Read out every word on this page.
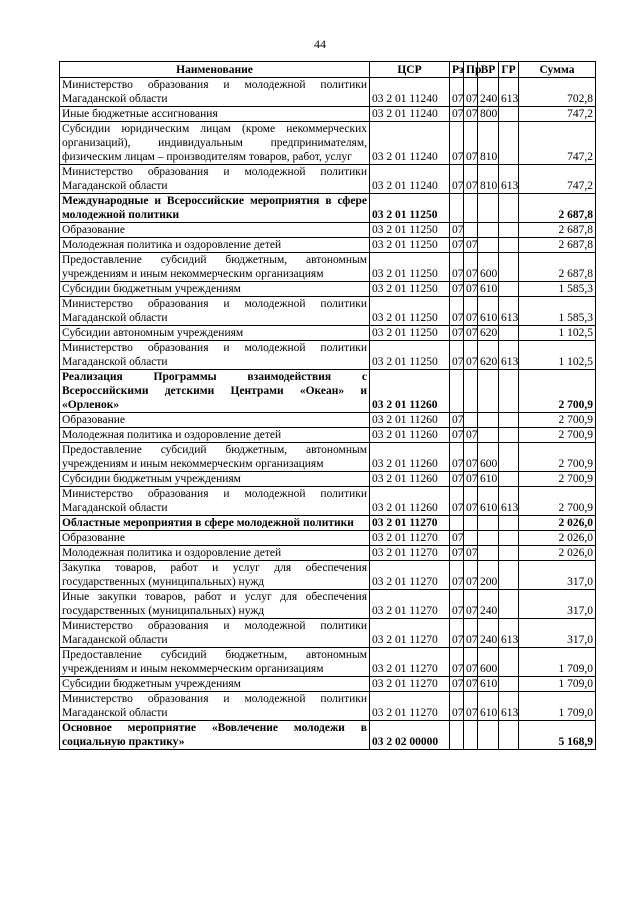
44
Наименование	ЦСР	Рз	Пр	ВР	ГР	Сумма
Министерство образования и молодежной политики Магаданской области	03 2 01 11240	07	07	240	613	702,8
Иные бюджетные ассигнования	03 2 01 11240	07	07	800		747,2
Субсидии юридическим лицам (кроме некоммерческих организаций), индивидуальным предпринимателям, физическим лицам – производителям товаров, работ, услуг	03 2 01 11240	07	07	810		747,2
Министерство образования и молодежной политики Магаданской области	03 2 01 11240	07	07	810	613	747,2
Международные и Всероссийские мероприятия в сфере молодежной политики	03 2 01 11250					2 687,8
Образование	03 2 01 11250	07				2 687,8
Молодежная политика и оздоровление детей	03 2 01 11250	07	07			2 687,8
Предоставление субсидий бюджетным, автономным учреждениям и иным некоммерческим организациям	03 2 01 11250	07	07	600		2 687,8
Субсидии бюджетным учреждениям	03 2 01 11250	07	07	610		1 585,3
Министерство образования и молодежной политики Магаданской области	03 2 01 11250	07	07	610	613	1 585,3
Субсидии автономным учреждениям	03 2 01 11250	07	07	620		1 102,5
Министерство образования и молодежной политики Магаданской области	03 2 01 11250	07	07	620	613	1 102,5
Реализация Программы взаимодействия с Всероссийскими детскими Центрами «Океан» и «Орленок»	03 2 01 11260					2 700,9
Образование	03 2 01 11260	07				2 700,9
Молодежная политика и оздоровление детей	03 2 01 11260	07	07			2 700,9
Предоставление субсидий бюджетным, автономным учреждениям и иным некоммерческим организациям	03 2 01 11260	07	07	600		2 700,9
Субсидии бюджетным учреждениям	03 2 01 11260	07	07	610		2 700,9
Министерство образования и молодежной политики Магаданской области	03 2 01 11260	07	07	610	613	2 700,9
Областные мероприятия в сфере молодежной политики	03 2 01 11270					2 026,0
Образование	03 2 01 11270	07				2 026,0
Молодежная политика и оздоровление детей	03 2 01 11270	07	07			2 026,0
Закупка товаров, работ и услуг для обеспечения государственных (муниципальных) нужд	03 2 01 11270	07	07	200		317,0
Иные закупки товаров, работ и услуг для обеспечения государственных (муниципальных) нужд	03 2 01 11270	07	07	240		317,0
Министерство образования и молодежной политики Магаданской области	03 2 01 11270	07	07	240	613	317,0
Предоставление субсидий бюджетным, автономным учреждениям и иным некоммерческим организациям	03 2 01 11270	07	07	600		1 709,0
Субсидии бюджетным учреждениям	03 2 01 11270	07	07	610		1 709,0
Министерство образования и молодежной политики Магаданской области	03 2 01 11270	07	07	610	613	1 709,0
Основное мероприятие «Вовлечение молодежи в социальную практику»	03 2 02 00000					5 168,9
